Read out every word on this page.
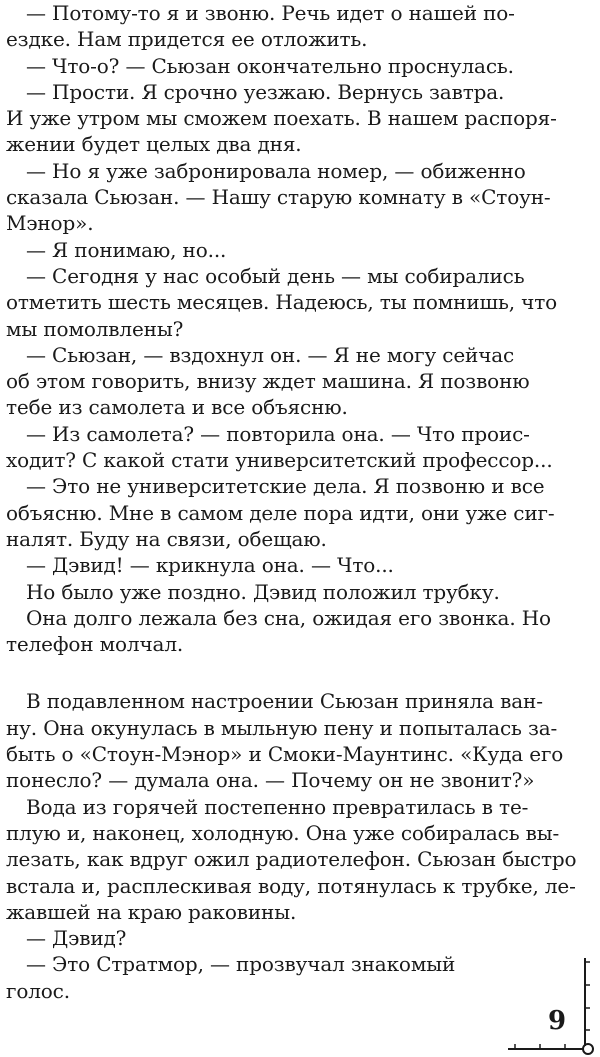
— Потому-то я и звоню. Речь идет о нашей по-
ездке. Нам придется ее отложить.
— Что-о? — Сьюзан окончательно проснулась.
— Прости. Я срочно уезжаю. Вернусь завтра.
И уже утром мы сможем поехать. В нашем распоря-
жении будет целых два дня.
— Но я уже забронировала номер, — обиженно
сказала Сьюзан. — Нашу старую комнату в «Стоун-
Мэнор».
— Я понимаю, но...
— Сегодня у нас особый день — мы собирались
отметить шесть месяцев. Надеюсь, ты помнишь, что
мы помолвлены?
— Сьюзан, — вздохнул он. — Я не могу сейчас
об этом говорить, внизу ждет машина. Я позвоню
тебе из самолета и все объясню.
— Из самолета? — повторила она. — Что проис-
ходит? С какой стати университетский профессор...
— Это не университетские дела. Я позвоню и все
объясню. Мне в самом деле пора идти, они уже сиг-
налят. Буду на связи, обещаю.
— Дэвид! — крикнула она. — Что...
Но было уже поздно. Дэвид положил трубку.
Она долго лежала без сна, ожидая его звонка. Но
телефон молчал.
В подавленном настроении Сьюзан приняла ван-
ну. Она окунулась в мыльную пену и попыталась за-
быть о «Стоун-Мэнор» и Смоки-Маунтинс. «Куда его
понесло? — думала она. — Почему он не звонит?»
Вода из горячей постепенно превратилась в те-
плую и, наконец, холодную. Она уже собиралась вы-
лезать, как вдруг ожил радиотелефон. Сьюзан быстро
встала и, расплескивая воду, потянулась к трубке, ле-
жавшей на краю раковины.
— Дэвид?
— Это Стратмор, — прозвучал знакомый
голос.
9
